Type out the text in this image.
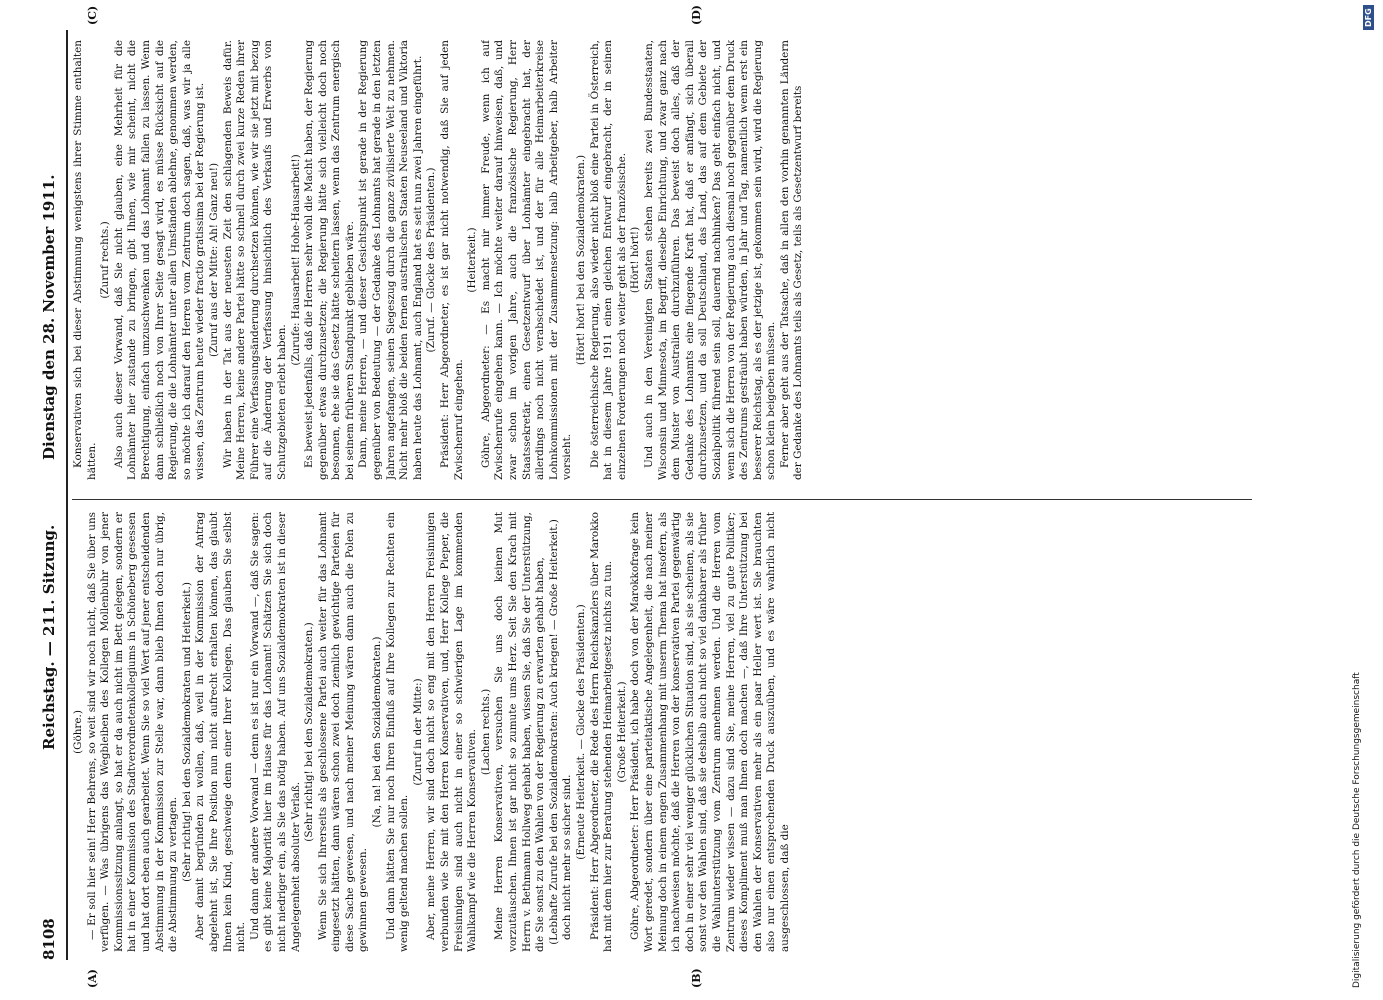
8108
Reichstag. — 211. Sitzung.
Dienstag den 28. November 1911.
(A)	(B)
(C)	(D)

(Göhre.) — Er soll hier sein! Herr Behrens, so weit sind wir noch nicht, daß Sie über uns verfügen. — Was übrigens das Wegbleiben des Kollegen Mollenbuhr von jener Kommissionssitzung anlangt, so hat er da auch nicht im Bett gelegen, sondern er hat in einer Kommission des Stadtverordnetenkollegiums in Schöneberg gesessen und hat dort eben auch gearbeitet. Wenn Sie so viel Wert auf jener entscheidenden Abstimmung in der Kommission zur Stelle war, dann blieb Ihnen doch nur übrig, die Abstimmung zu vertagen. (Sehr richtig! bei den Sozialdemokraten und Heiterkeit.) Aber damit begründen zu wollen, daß, weil in der Kommission der Antrag abgelehnt ist, Sie Ihre Position nun nicht aufrecht erhalten können, das glaubt Ihnen kein Kind, geschweige denn einer Ihrer Kollegen. Das glauben Sie selbst nicht. Und dann der andere Vorwand — denn es ist nur ein Vorwand —, daß Sie sagen: es gibt keine Majorität hier im Hause für das Lohnamt! Schätzen Sie sich doch nicht niedriger ein, als Sie das nötig haben. Auf uns Sozialdemokraten ist in dieser Angelegenheit absoluter Verlaß.

(Sehr richtig! bei den Sozialdemokraten.) Wenn Sie sich Ihrerseits als geschlossene Partei auch weiter für das Lohnamt eingesetzt hätten, dann wären schon zwei doch ziemlich gewichtige Parteien für diese Sache gewesen, und nach meiner Meinung wären dann auch die Polen zu gewinnen gewesen.

(Na, na! bei den Sozialdemokraten.) Und dann hätten Sie nur noch Ihren Einfluß auf Ihre Kollegen zur Rechten ein wenig geltend machen sollen.

(Zuruf in der Mitte:) Aber, meine Herren, wir sind doch nicht so eng mit den Herren Freisinnigen verbunden wie Sie mit den Herren Konservativen, und, Herr Kollege Pieper, die Freisinnigen sind auch nicht in einer so schwierigen Lage im kommenden Wahlkampf wie die Herren Konservativen. (Lachen rechts.) Meine Herren Konservativen, versuchen Sie uns doch keinen Mut vorzutäuschen. Ihnen ist gar nicht so zumute ums Herz. Seit Sie den Krach mit Herrn v. Bethmann Hollweg gehabt haben, wissen Sie, daß Sie der Unterstützung, die Sie sonst zu den Wahlen von der Regierung zu erwarten gehabt haben, (Lebhafte Zurufe bei den Sozialdemokraten: Auch kriegen! — Große Heiterkeit.) doch nicht mehr so sicher sind. (Erneute Heiterkeit. — Glocke des Präsidenten.) Präsident: Herr Abgeordneter, die Rede des Herrn Reichskanzlers über Marokko hat mit dem hier zur Beratung stehenden Heimarbeitgesetz nichts zu tun. (Große Heiterkeit.) Göhre, Abgeordneter: Herr Präsident, ich habe doch von der Marokkofrage kein Wort geredet, sondern über eine parteitaktische Angelegenheit, die nach meiner Meinung doch in einem engen Zusammenhang mit unserm Thema hat insofern, als ich nachweisen möchte, daß die Herren von der konservativen Partei gegenwärtig doch in einer sehr viel weniger glücklichen Situation sind, als sie scheinen, als sie sonst vor den Wahlen sind, daß sie deshalb auch nicht so viel dankbarer als früher die Wahlunterstützung vom Zentrum annehmen werden. Und die Herren vom Zentrum wieder wissen — dazu sind Sie, meine Herren, viel zu gute Politiker; dieses Kompliment muß man Ihnen doch machen —, daß Ihre Unterstützung bei den Wahlen der Konservativen mehr als ein paar Heller wert ist. Sie brauchten also nur einen entsprechenden Druck auszuüben, und es wäre wahrlich nicht ausgeschlossen, daß die

Konservativen sich bei dieser Abstimmung wenigstens ihrer Stimme enthalten hätten.

(Zuruf rechts.) Also auch dieser Vorwand, daß Sie nicht glauben, eine Mehrheit für die Lohnämter hier zustande zu bringen, gibt Ihnen, wie mir scheint, nicht die Berechtigung, einfach umzuschwenken und das Lohnamt fallen zu lassen. Wenn dann schließlich noch von Ihrer Seite gesagt wird, es müsse Rücksicht auf die Regierung, die die Lohnämter unter allen Umständen ablehne, genommen werden, so möchte ich darauf den Herren vom Zentrum doch sagen, daß, was wir ja alle wissen, das Zentrum heute wieder fractio gratissima bei der Regierung ist. (Zuruf aus der Mitte: Ah! Ganz neu!) Wir haben in der Tat aus der neuesten Zeit den schlagenden Beweis dafür. Meine Herren, keine andere Partei hätte so schnell durch zwei kurze Reden ihrer Führer eine Verfassungsänderung durchsetzen können, wie wir sie jetzt mit bezug auf die Änderung der Verfassung hinsichtlich des Verkaufs und Erwerbs von Schutzgebieten erlebt haben.

(Zurufe: Hausarbeit! Hohe-Hausarbeit!) Es beweist jedenfalls, daß die Herren sehr wohl die Macht haben, der Regierung gegenüber etwas durchzusetzen; die Regierung hätte sich vielleicht doch noch besonnen, ehe sie das Gesetz hätte scheitern lassen, wenn das Zentrum energisch bei seinem früheren Standpunkt geblieben wäre. Dann, meine Herren, — und dieser Gesichtspunkt ist gerade in der Regierung gegenüber von Bedeutung — der Gedanke des Lohnamts hat gerade in den letzten Jahren angefangen, seinen Siegeszug durch die ganze zivilisierte Welt zu nehmen. Nicht mehr bloß die beiden fernen australischen Staaten Neuseeland und Viktoria haben heute das Lohnamt, auch England hat es seit nun zwei Jahren eingeführt. (Zuruf. — Glocke des Präsidenten.) Präsident: Herr Abgeordneter, es ist gar nicht notwendig, daß Sie auf jeden Zwischenruf eingehen.

(Heiterkeit.) Göhre, Abgeordneter: — Es macht mir immer Freude, wenn ich auf Zwischenrufe eingehen kann. — Ich möchte weiter darauf hinweisen, daß, und zwar schon im vorigen Jahre, auch die französische Regierung, Herr Staatssekretär, einen Gesetzentwurf über Lohnämter eingebracht hat, der allerdings noch nicht verabschiedet ist, und der für alle Heimarbeiterkreise Lohnkommissionen mit der Zusammensetzung: halb Arbeitgeber, halb Arbeiter vorsieht.

(Hört! hört! bei den Sozialdemokraten.) Die österreichische Regierung, also wieder nicht bloß eine Partei in Österreich, hat in diesem Jahre 1911 einen gleichen Entwurf eingebracht, der in seinen einzelnen Forderungen noch weiter geht als der französische. (Hört! hört!) Und auch in den Vereinigten Staaten stehen bereits zwei Bundesstaaten, Wisconsin und Minnesota, im Begriff, dieselbe Einrichtung, und zwar ganz nach dem Muster von Australien durchzuführen. Das beweist doch alles, daß der Gedanke des Lohnamts eine fliegende Kraft hat, daß er anfängt, sich überall durchzusetzen, und da soll Deutschland, das Land, das auf dem Gebiete der Sozialpolitik führend sein soll, dauernd nachhinken? Das geht einfach nicht, und wenn sich die Herren von der Regierung auch diesmal noch gegenüber dem Druck des Zentrums gesträubt haben würden, in Jahr und Tag, namentlich wenn erst ein besserer Reichstag, als es der jetzige ist, gekommen sein wird, wird die Regierung schon klein beigeben müssen. Ferner aber geht aus der Tatsache, daß in allen den vorhin genannten Ländern der Gedanke des Lohnamts teils als Gesetz, teils als Gesetzentwurf bereits

Digitalisierung gefördert durch die Deutsche Forschungsgemeinschaft
DFG
